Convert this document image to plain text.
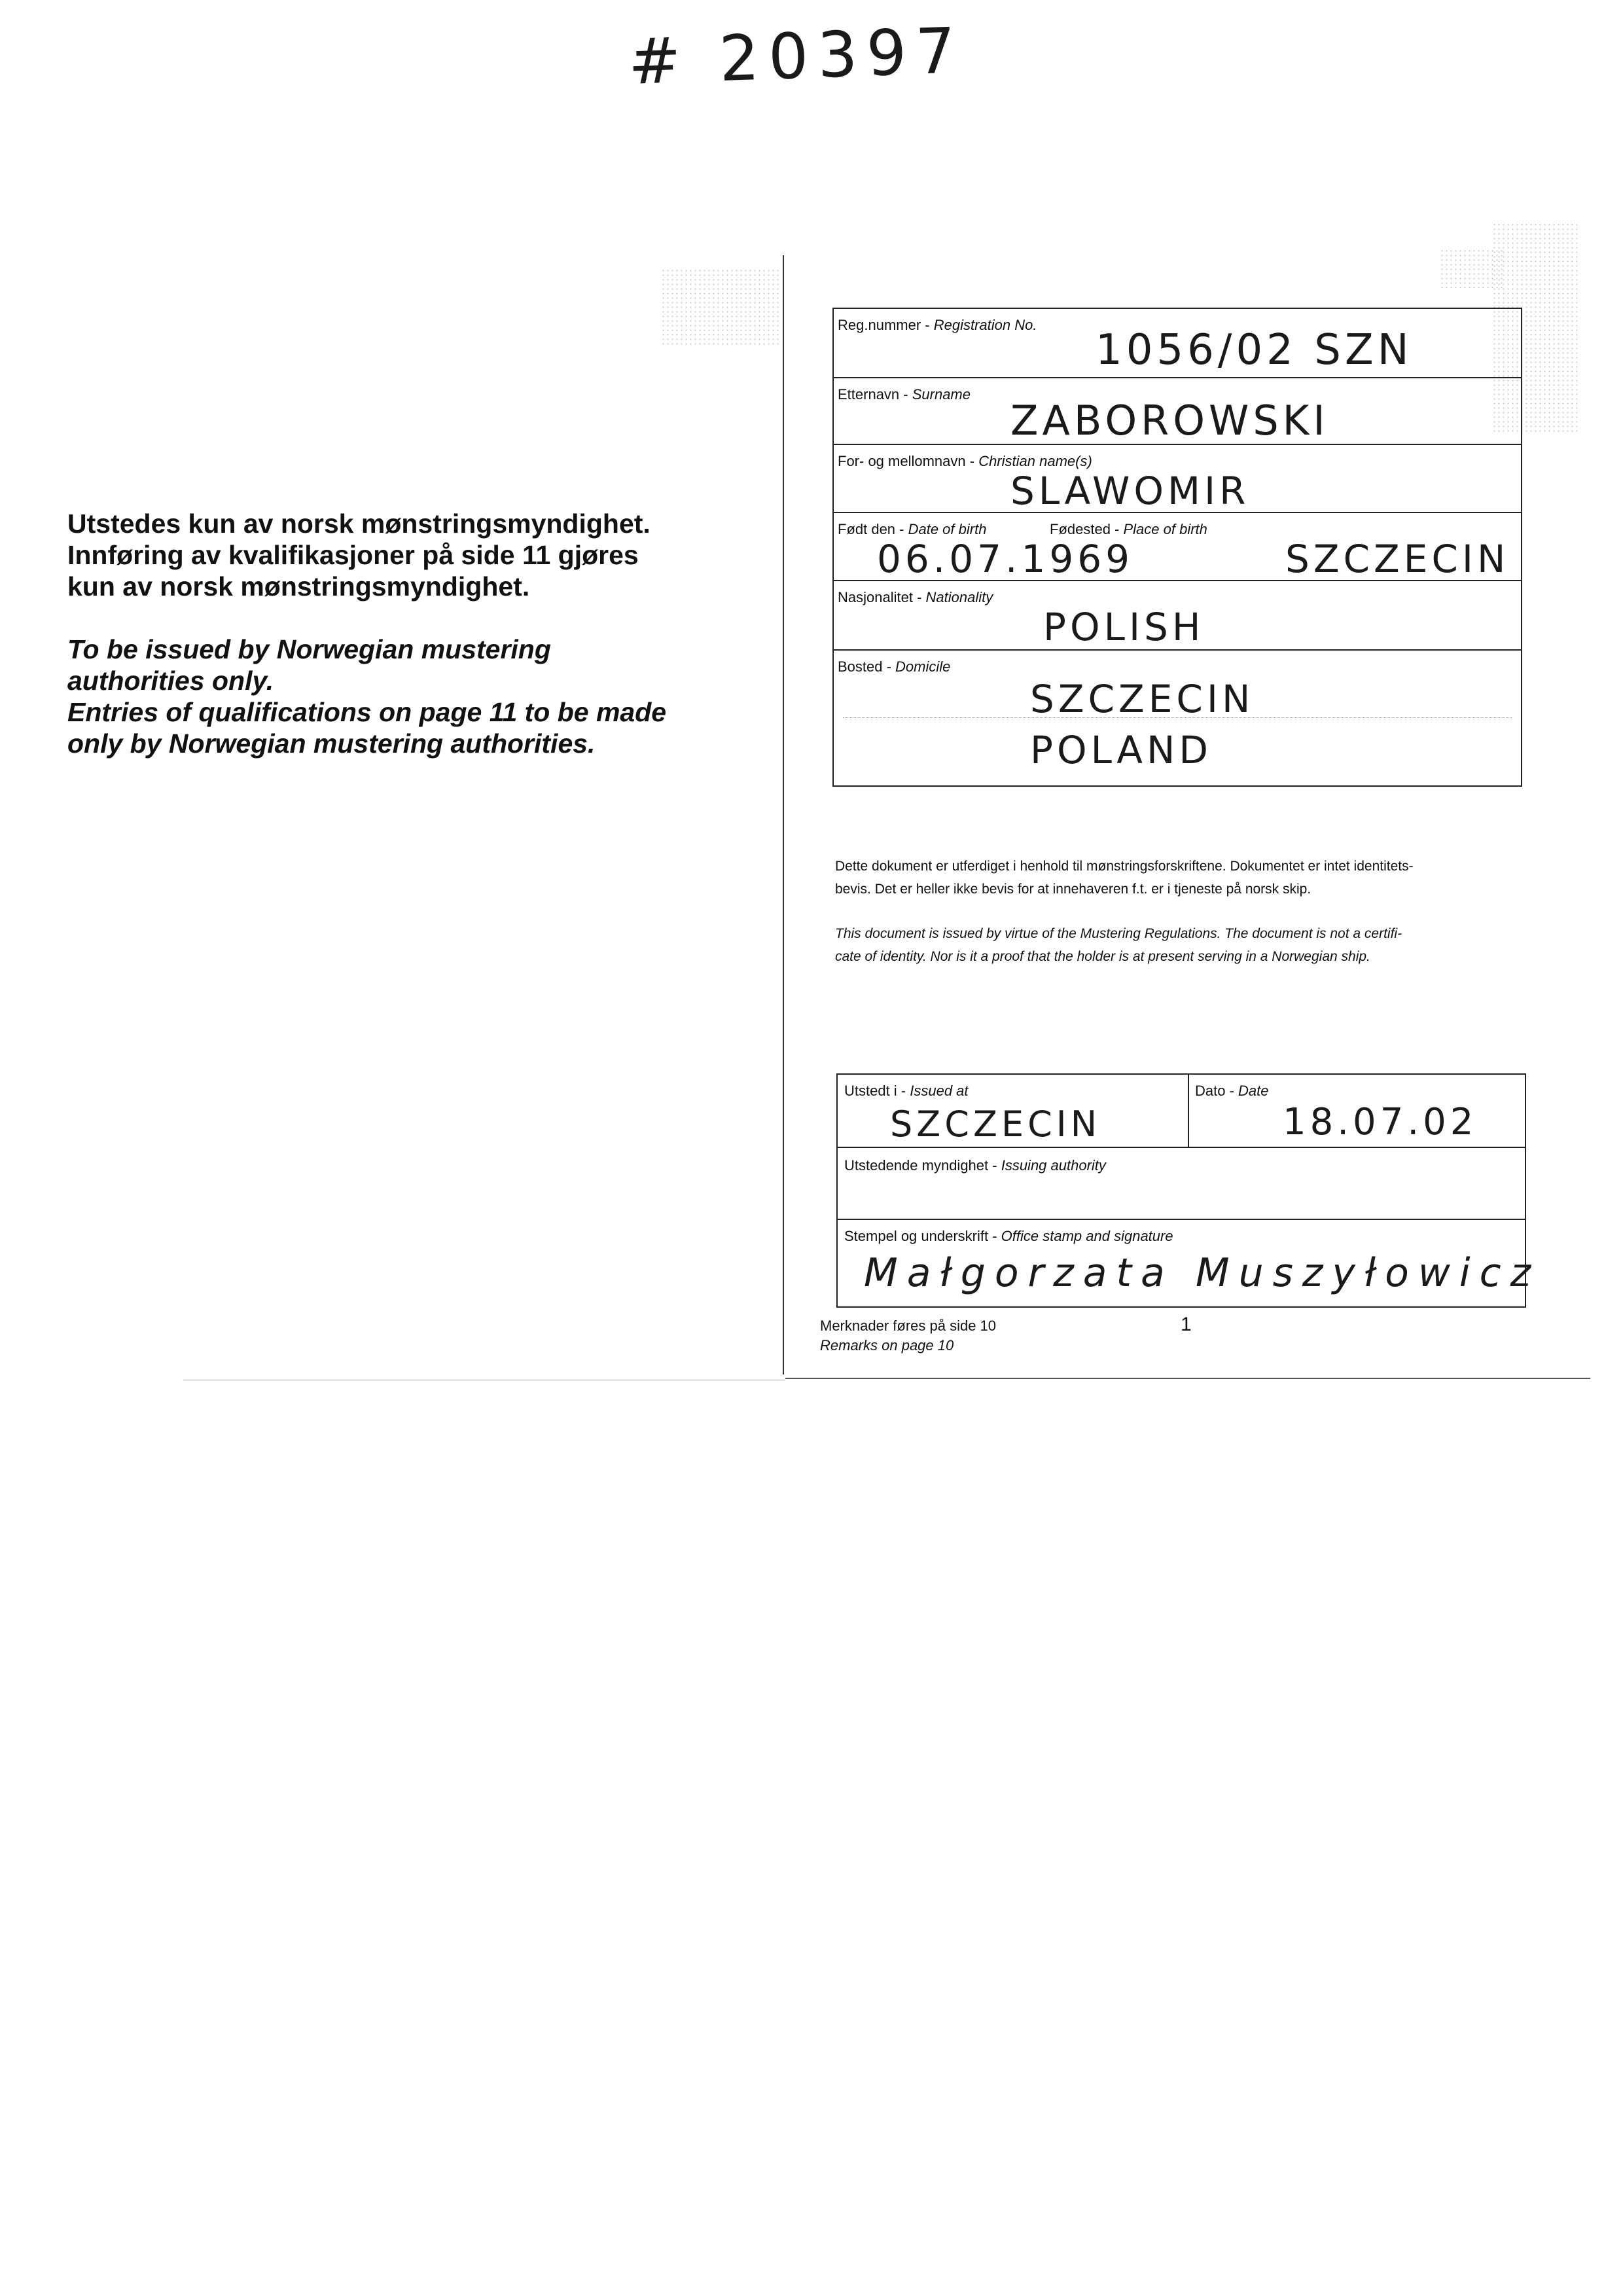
# 20397
Utstedes kun av norsk mønstringsmyndighet.
Innføring av kvalifikasjoner på side 11 gjøres
kun av norsk mønstringsmyndighet.
To be issued by Norwegian mustering
authorities only.
Entries of qualifications on page 11 to be made
only by Norwegian mustering authorities.
Reg.nummer - Registration No.
1056/02 SZN
Etternavn - Surname
ZABOROWSKI
For- og mellomnavn - Christian name(s)
SLAWOMIR
Født den - Date of birth	Fødested - Place of birth
06.07.1969	SZCZECIN
Nasjonalitet - Nationality
POLISH
Bosted - Domicile
SZCZECIN
POLAND
Dette dokument er utferdiget i henhold til mønstringsforskriftene. Dokumentet er intet identitets-
bevis. Det er heller ikke bevis for at innehaveren f.t. er i tjeneste på norsk skip.
This document is issued by virtue of the Mustering Regulations. The document is not a certifi-
cate of identity. Nor is it a proof that the holder is at present serving in a Norwegian ship.
Utstedt i - Issued at
SZCZECIN
Dato - Date
18.07.02
Utstedende myndighet - Issuing authority
Stempel og underskrift - Office stamp and signature
Małgorzata Muszyłowicz
Merknader føres på side 10
Remarks on page 10
1
